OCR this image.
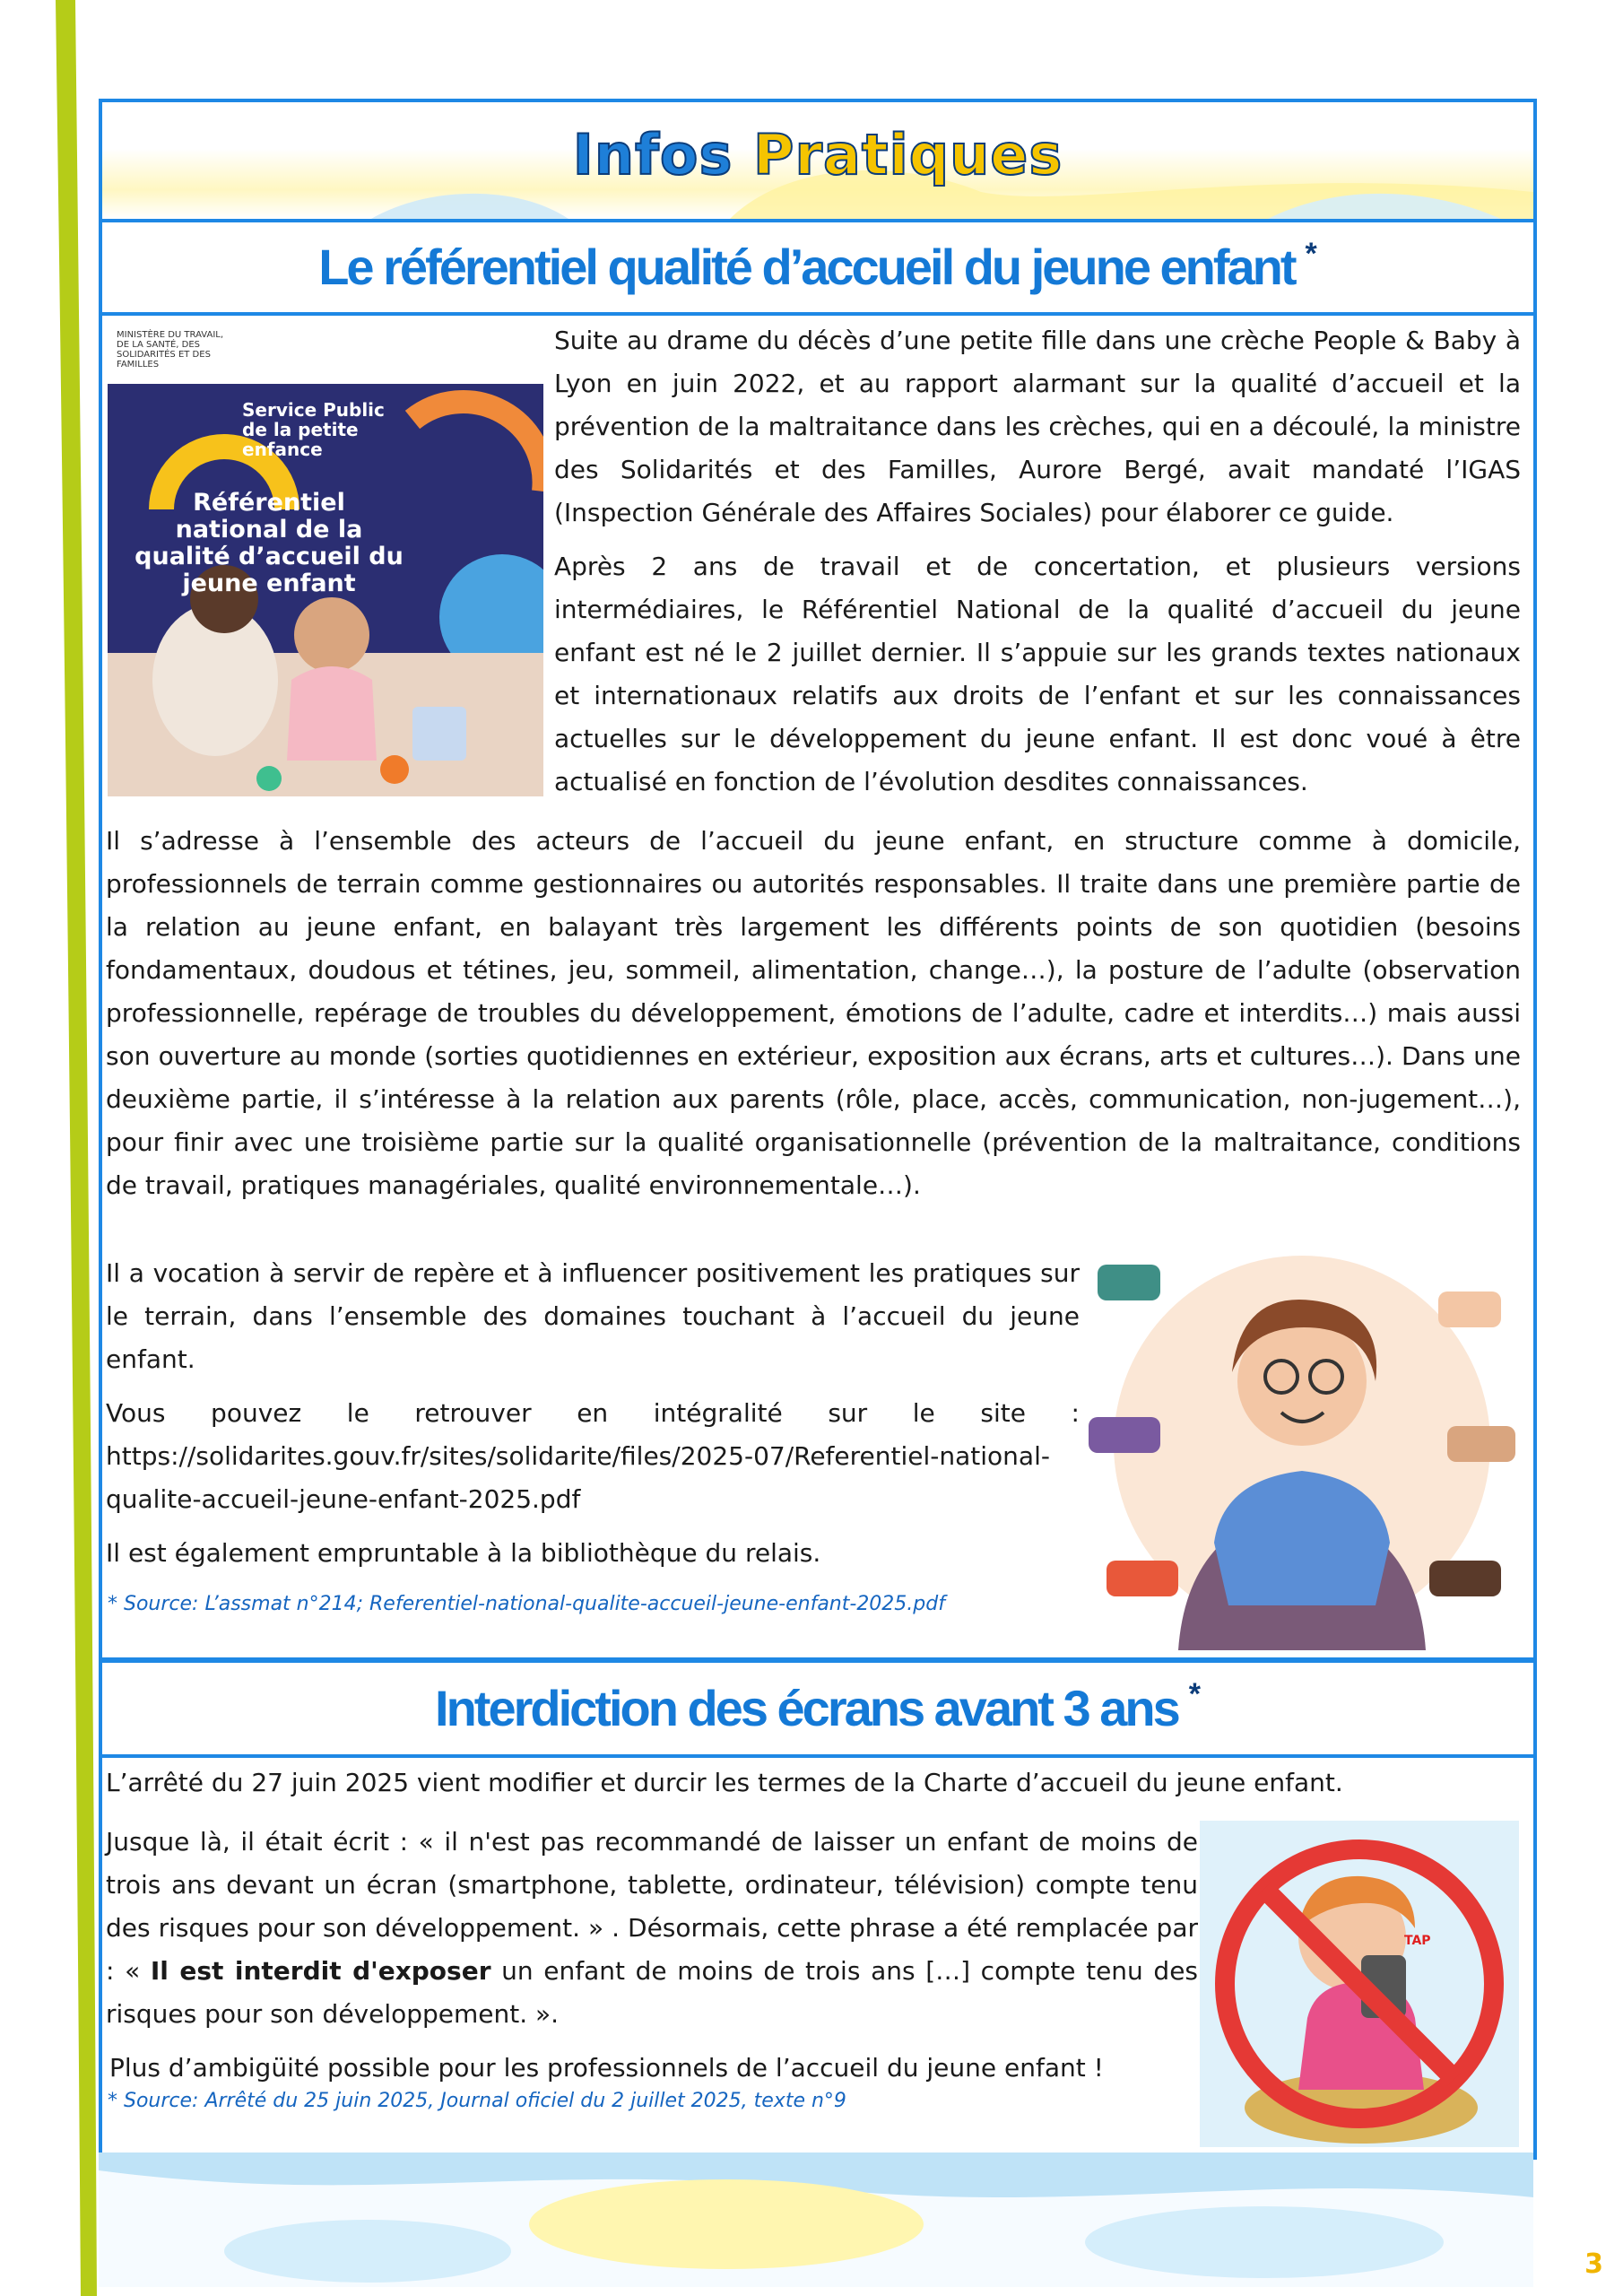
Infos Pratiques
Le référentiel qualité d’accueil du jeune enfant *
MINISTÈRE DU TRAVAIL, DE LA SANTÉ, DES SOLIDARITÉS ET DES FAMILLES
Service Public de la petite enfance
Référentiel national de la qualité d’accueil du jeune enfant

Suite au drame du décès d’une petite fille dans une crèche People & Baby à Lyon en juin 2022, et au rapport alarmant sur la qualité d’accueil et la prévention de la maltraitance dans les crèches, qui en a découlé, la ministre des Solidarités et des Familles, Aurore Bergé, avait mandaté l’IGAS (Inspection Générale des Affaires Sociales) pour élaborer ce guide.

Après 2 ans de travail et de concertation, et plusieurs versions intermédiaires, le Référentiel National de la qualité d’accueil du jeune enfant est né le 2 juillet dernier. Il s’appuie sur les grands textes nationaux et internationaux relatifs aux droits de l’enfant et sur les connaissances actuelles sur le développement du jeune enfant. Il est donc voué à être actualisé en fonction de l’évolution desdites connaissances.

Il s’adresse à l’ensemble des acteurs de l’accueil du jeune enfant, en structure comme à domicile, professionnels de terrain comme gestionnaires ou autorités responsables. Il traite dans une première partie de la relation au jeune enfant, en balayant très largement les différents points de son quotidien (besoins fondamentaux, doudous et tétines, jeu, sommeil, alimentation, change…), la posture de l’adulte (observation professionnelle, repérage de troubles du développement, émotions de l’adulte, cadre et interdits…) mais aussi son ouverture au monde (sorties quotidiennes en extérieur, exposition aux écrans, arts et cultures…). Dans une deuxième partie, il s’intéresse à la relation aux parents (rôle, place, accès, communication, non-jugement…), pour finir avec une troisième partie sur la qualité organisationnelle (prévention de la maltraitance, conditions de travail, pratiques managériales, qualité environnementale…).

Il a vocation à servir de repère et à influencer positivement les pratiques sur le terrain, dans l’ensemble des domaines touchant à l’accueil du jeune enfant.

Vous pouvez le retrouver en intégralité sur le site : https://solidarites.gouv.fr/sites/solidarite/files/2025-07/Referentiel-national-qualite-accueil-jeune-enfant-2025.pdf

Il est également empruntable à la bibliothèque du relais.

* Source: L’assmat n°214; Referentiel-national-qualite-accueil-jeune-enfant-2025.pdf
Interdiction des écrans avant 3 ans *

L’arrêté du 27 juin 2025 vient modifier et durcir les termes de la Charte d’accueil du jeune enfant.

Jusque là, il était écrit : « il n'est pas recommandé de laisser un enfant de moins de trois ans devant un écran (smartphone, tablette, ordinateur, télévision) compte tenu des risques pour son développement. » . Désormais, cette phrase a été remplacée par : « Il est interdit d'exposer un enfant de moins de trois ans […] compte tenu des risques pour son développement. ».

Plus d’ambigüité possible pour les professionnels de l’accueil du jeune enfant !

TAP
* Source: Arrêté du 25 juin 2025, Journal oficiel du 2 juillet 2025, texte n°9
3
